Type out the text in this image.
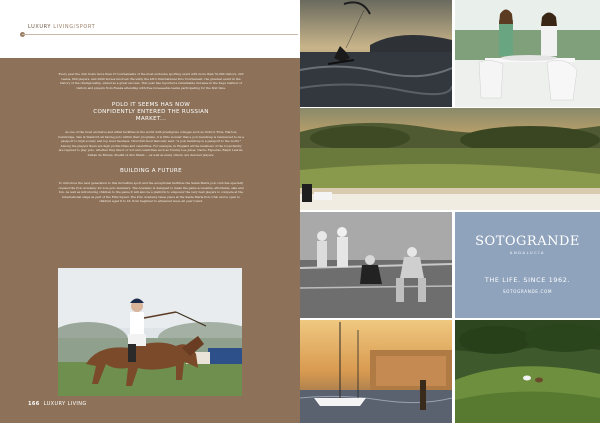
LUXURY LIVING/SPORT

Every year the club hosts more than 27 tournaments of the most exclusive sporting event with more than 70,000 visitors, 220 teams, 800 players, and 2000 horses involved. Recently the 43rd International Polo Tournament, the greatest event in the history of the championship, ended as a great success. This year has reported a remarkable increase in the huge number of visitors and players from Russia attending with free foreseeable teams participating for the first time.

POLO IT SEEMS HAS NOW CONFIDENTLY ENTERED THE RUSSIAN MARKET...

As one of the most exclusive and elitist facilities in the world with prestigious colleges such as Oxford, Eton, Harrow, Cambridge, Yale & Stanford all having polo within their programs, it is little wonder that a polo handicap is referenced to be a passport to high society and top level business. Churchill most famously said, "A polo handicap is a passport to the world." Among the players there are high profile titles and celebrities. For example, in England all the members of the royal family are reputed to play polo, whether they like it or not and celebrities such as Tommy Lee Jones, Nacho Figueras, Ralph Lauren, Sultan de Brunei, Sheikh of Abu Dhabi … as well as many others, are devoted players.

BUILDING A FUTURE

To introduce the next generation to this incredible sport and the exceptional facilities the Santa Maria polo club has specially created the Polo Academy for sole polo members. The Academy is designed to make the game accessible, affordable, safe and fun. As well as introducing children to the game it will also be a platform to empower the very best players to compete at the International stage as part of the Elite Squad. The Polo Academy takes place at the Santa Maria Polo Club and is open to children aged 8 to 18, from beginner to advanced level, all year round.

166 LUXURY LIVING
SOTOGRANDE
ANDALUCÍA
THE LIFE. SINCE 1962.
SOTOGRANDE.COM
